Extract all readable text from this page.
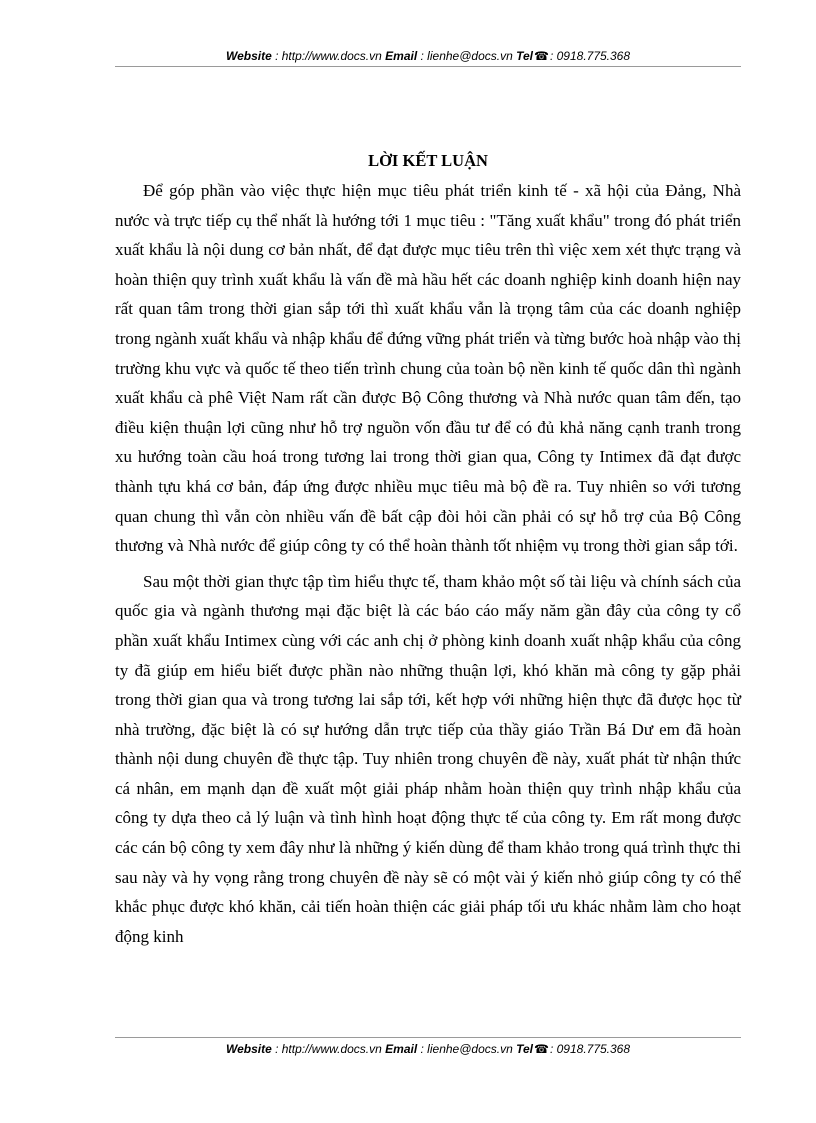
Website : http://www.docs.vn Email : lienhe@docs.vn Tel☎: 0918.775.368
LỜI KẾT LUẬN

Để góp phần vào việc thực hiện mục tiêu phát triển kinh tế - xã hội của Đảng, Nhà nước và trực tiếp cụ thể nhất là hướng tới 1 mục tiêu : "Tăng xuất khẩu" trong đó phát triển xuất khẩu là nội dung cơ bản nhất, để đạt được mục tiêu trên thì việc xem xét thực trạng và hoàn thiện quy trình xuất khẩu là vấn đề mà hầu hết các doanh nghiệp kinh doanh hiện nay rất quan tâm trong thời gian sắp tới thì xuất khẩu vẫn là trọng tâm của các doanh nghiệp trong ngành xuất khẩu và nhập khẩu để đứng vững phát triển và từng bước hoà nhập vào thị trường khu vực và quốc tế theo tiến trình chung của toàn bộ nền kinh tế quốc dân thì ngành xuất khẩu cà phê Việt Nam rất cần được Bộ Công thương và Nhà nước quan tâm đến, tạo điều kiện thuận lợi cũng như hỗ trợ nguồn vốn đầu tư để có đủ khả năng cạnh tranh trong xu hướng toàn cầu hoá trong tương lai trong thời gian qua, Công ty Intimex đã đạt được thành tựu khá cơ bản, đáp ứng được nhiều mục tiêu mà bộ đề ra. Tuy nhiên so với tương quan chung thì vẫn còn nhiều vấn đề bất cập đòi hỏi cần phải có sự hỗ trợ của Bộ Công thương và Nhà nước để giúp công ty có thể hoàn thành tốt nhiệm vụ trong thời gian sắp tới.

Sau một thời gian thực tập tìm hiểu thực tế, tham khảo một số tài liệu và chính sách của quốc gia và ngành thương mại đặc biệt là các báo cáo mấy năm gần đây của công ty cổ phần xuất khẩu Intimex cùng với các anh chị ở phòng kinh doanh xuất nhập khẩu của công ty đã giúp em hiểu biết được phần nào những thuận lợi, khó khăn mà công ty gặp phải trong thời gian qua và trong tương lai sắp tới, kết hợp với những hiện thực đã được học từ nhà trường, đặc biệt là có sự hướng dẫn trực tiếp của thầy giáo Trần Bá Dư em đã hoàn thành nội dung chuyên đề thực tập. Tuy nhiên trong chuyên đề này, xuất phát từ nhận thức cá nhân, em mạnh dạn đề xuất một giải pháp nhằm hoàn thiện quy trình nhập khẩu của công ty dựa theo cả lý luận và tình hình hoạt động thực tế của công ty. Em rất mong được các cán bộ công ty xem đây như là những ý kiến dùng để tham khảo trong quá trình thực thi sau này và hy vọng rằng trong chuyên đề này sẽ có một vài ý kiến nhỏ giúp công ty có thể khắc phục được khó khăn, cải tiến hoàn thiện các giải pháp tối ưu khác nhằm làm cho hoạt động kinh

Website : http://www.docs.vn Email : lienhe@docs.vn Tel☎: 0918.775.368
